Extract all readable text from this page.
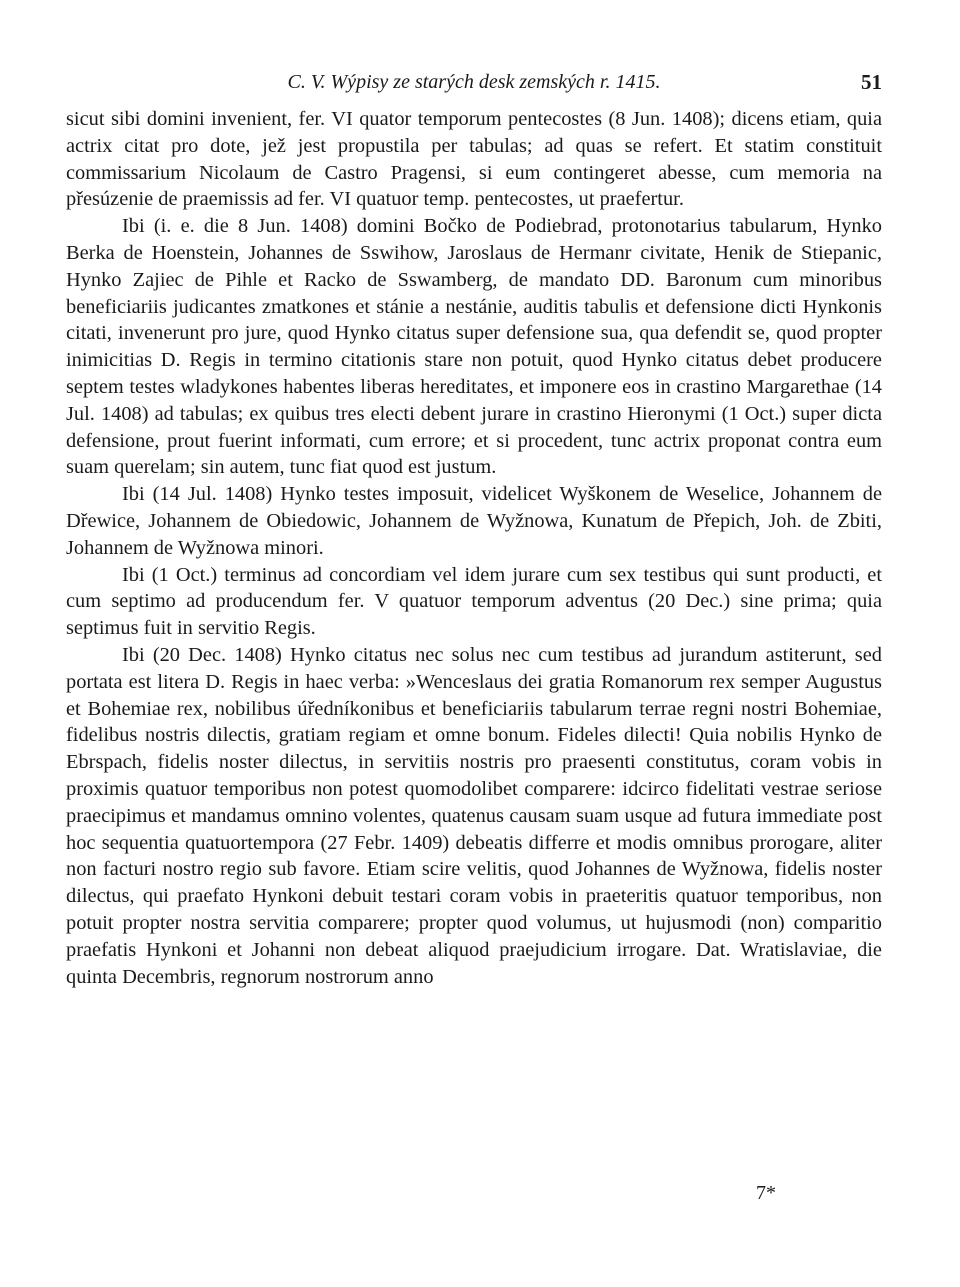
C. V. Wýpisy ze starých desk zemských r. 1415.	51

sicut sibi domini invenient, fer. VI quator temporum pentecostes (8 Jun. 1408); dicens etiam, quia actrix citat pro dote, jež jest propustila per tabulas; ad quas se refert. Et statim constituit commissarium Nicolaum de Castro Pragensi, si eum contingeret abesse, cum memoria na přesúzenie de praemissis ad fer. VI quatuor temp. pentecostes, ut praefertur.

Ibi (i. e. die 8 Jun. 1408) domini Bočko de Podiebrad, protonotarius tabularum, Hynko Berka de Hoenstein, Johannes de Sswihow, Jaroslaus de Hermanr civitate, Henik de Stiepanic, Hynko Zajiec de Pihle et Racko de Sswamberg, de mandato DD. Baronum cum minoribus beneficiariis judicantes zmatkones et stánie a nestánie, auditis tabulis et defensione dicti Hynkonis citati, invenerunt pro jure, quod Hynko citatus super defensione sua, qua defendit se, quod propter inimicitias D. Regis in termino citationis stare non potuit, quod Hynko citatus debet producere septem testes wladykones habentes liberas hereditates, et imponere eos in crastino Margarethae (14 Jul. 1408) ad tabulas; ex quibus tres electi debent jurare in crastino Hieronymi (1 Oct.) super dicta defensione, prout fuerint informati, cum errore; et si procedent, tunc actrix proponat contra eum suam querelam; sin autem, tunc fiat quod est justum.

Ibi (14 Jul. 1408) Hynko testes imposuit, videlicet Wyškonem de Weselice, Johannem de Dřewice, Johannem de Obiedowic, Johannem de Wyžnowa, Kunatum de Přepich, Joh. de Zbiti, Johannem de Wyžnowa minori.

Ibi (1 Oct.) terminus ad concordiam vel idem jurare cum sex testibus qui sunt producti, et cum septimo ad producendum fer. V quatuor temporum adventus (20 Dec.) sine prima; quia septimus fuit in servitio Regis.

Ibi (20 Dec. 1408) Hynko citatus nec solus nec cum testibus ad jurandum astiterunt, sed portata est litera D. Regis in haec verba: »Wenceslaus dei gratia Romanorum rex semper Augustus et Bohemiae rex, nobilibus úředníkonibus et beneficiariis tabularum terrae regni nostri Bohemiae, fidelibus nostris dilectis, gratiam regiam et omne bonum. Fideles dilecti! Quia nobilis Hynko de Ebrspach, fidelis noster dilectus, in servitiis nostris pro praesenti constitutus, coram vobis in proximis quatuor temporibus non potest quomodolibet comparere: idcirco fidelitati vestrae seriose praecipimus et mandamus omnino volentes, quatenus causam suam usque ad futura immediate post hoc sequentia quatuortempora (27 Febr. 1409) debeatis differre et modis omnibus prorogare, aliter non facturi nostro regio sub favore. Etiam scire velitis, quod Johannes de Wyžnowa, fidelis noster dilectus, qui praefato Hynkoni debuit testari coram vobis in praeteritis quatuor temporibus, non potuit propter nostra servitia comparere; propter quod volumus, ut hujusmodi (non) comparitio praefatis Hynkoni et Johanni non debeat aliquod praejudicium irrogare. Dat. Wratislaviae, die quinta Decembris, regnorum nostrorum anno

7*
